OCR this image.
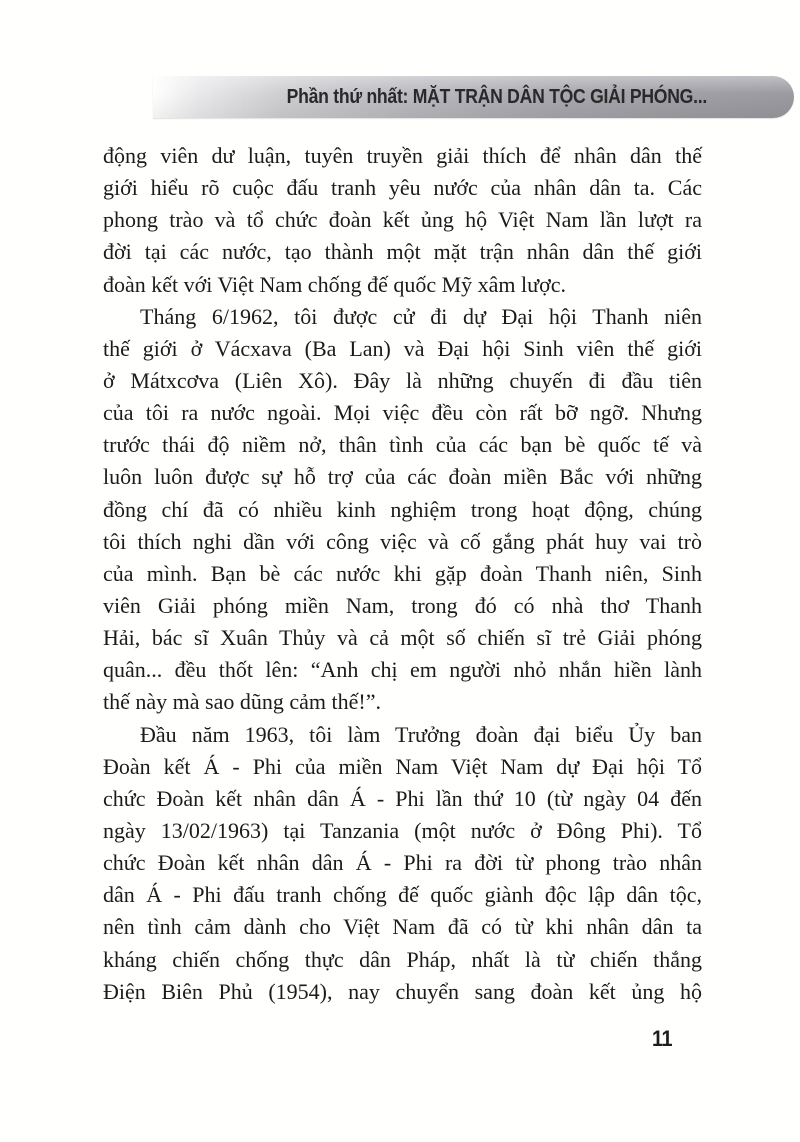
Phần thứ nhất: MẶT TRẬN DÂN TỘC GIẢI PHÓNG...

động viên dư luận, tuyên truyền giải thích để nhân dân thế
giới hiểu rõ cuộc đấu tranh yêu nước của nhân dân ta. Các
phong trào và tổ chức đoàn kết ủng hộ Việt Nam lần lượt ra
đời tại các nước, tạo thành một mặt trận nhân dân thế giới
đoàn kết với Việt Nam chống đế quốc Mỹ xâm lược.

Tháng 6/1962, tôi được cử đi dự Đại hội Thanh niên
thế giới ở Vácxava (Ba Lan) và Đại hội Sinh viên thế giới
ở Mátxcơva (Liên Xô). Đây là những chuyến đi đầu tiên
của tôi ra nước ngoài. Mọi việc đều còn rất bỡ ngỡ. Nhưng
trước thái độ niềm nở, thân tình của các bạn bè quốc tế và
luôn luôn được sự hỗ trợ của các đoàn miền Bắc với những
đồng chí đã có nhiều kinh nghiệm trong hoạt động, chúng
tôi thích nghi dần với công việc và cố gắng phát huy vai trò
của mình. Bạn bè các nước khi gặp đoàn Thanh niên, Sinh
viên Giải phóng miền Nam, trong đó có nhà thơ Thanh
Hải, bác sĩ Xuân Thủy và cả một số chiến sĩ trẻ Giải phóng
quân... đều thốt lên: “Anh chị em người nhỏ nhắn hiền lành
thế này mà sao dũng cảm thế!”.

Đầu năm 1963, tôi làm Trưởng đoàn đại biểu Ủy ban
Đoàn kết Á - Phi của miền Nam Việt Nam dự Đại hội Tổ
chức Đoàn kết nhân dân Á - Phi lần thứ 10 (từ ngày 04 đến
ngày 13/02/1963) tại Tanzania (một nước ở Đông Phi). Tổ
chức Đoàn kết nhân dân Á - Phi ra đời từ phong trào nhân
dân Á - Phi đấu tranh chống đế quốc giành độc lập dân tộc,
nên tình cảm dành cho Việt Nam đã có từ khi nhân dân ta
kháng chiến chống thực dân Pháp, nhất là từ chiến thắng
Điện Biên Phủ (1954), nay chuyển sang đoàn kết ủng hộ

11
